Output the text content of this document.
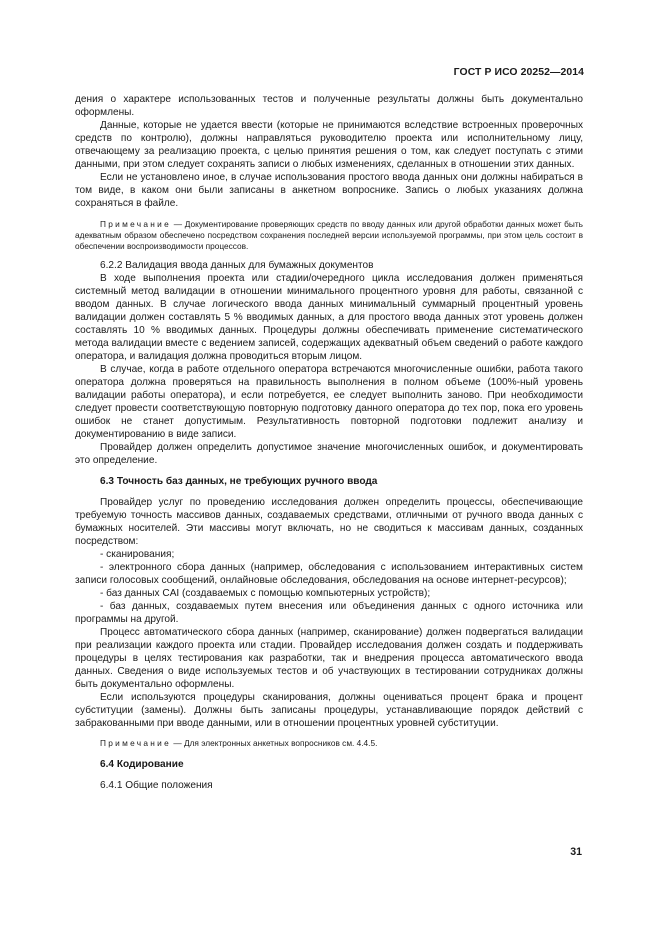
ГОСТ Р ИСО 20252—2014

дения о характере использованных тестов и полученные результаты должны быть документально оформлены.

Данные, которые не удается ввести (которые не принимаются вследствие встроенных проверочных средств по контролю), должны направляться руководителю проекта или исполнительному лицу, отвечающему за реализацию проекта, с целью принятия решения о том, как следует поступать с этими данными, при этом следует сохранять записи о любых изменениях, сделанных в отношении этих данных.

Если не установлено иное, в случае использования простого ввода данных они должны набираться в том виде, в каком они были записаны в анкетном вопроснике. Запись о любых указаниях должна сохраняться в файле.

Примечание — Документирование проверяющих средств по вводу данных или другой обработки данных может быть адекватным образом обеспечено посредством сохранения последней версии используемой программы, при этом цель состоит в обеспечении воспроизводимости процессов.

6.2.2 Валидация ввода данных для бумажных документов

В ходе выполнения проекта или стадии/очередного цикла исследования должен применяться системный метод валидации в отношении минимального процентного уровня для работы, связанной с вводом данных. В случае логического ввода данных минимальный суммарный процентный уровень валидации должен составлять 5 % вводимых данных, а для простого ввода данных этот уровень должен составлять 10 % вводимых данных. Процедуры должны обеспечивать применение систематического метода валидации вместе с ведением записей, содержащих адекватный объем сведений о работе каждого оператора, и валидация должна проводиться вторым лицом.

В случае, когда в работе отдельного оператора встречаются многочисленные ошибки, работа такого оператора должна проверяться на правильность выполнения в полном объеме (100%-ный уровень валидации работы оператора), и если потребуется, ее следует выполнить заново. При необходимости следует провести соответствующую повторную подготовку данного оператора до тех пор, пока его уровень ошибок не станет допустимым. Результативность повторной подготовки подлежит анализу и документированию в виде записи.

Провайдер должен определить допустимое значение многочисленных ошибок, и документировать это определение.

6.3 Точность баз данных, не требующих ручного ввода

Провайдер услуг по проведению исследования должен определить процессы, обеспечивающие требуемую точность массивов данных, создаваемых средствами, отличными от ручного ввода данных с бумажных носителей. Эти массивы могут включать, но не сводиться к массивам данных, созданных посредством:

- сканирования;

- электронного сбора данных (например, обследования с использованием интерактивных систем записи голосовых сообщений, онлайновые обследования, обследования на основе интернет-ресурсов);

- баз данных CAI (создаваемых с помощью компьютерных устройств);

- баз данных, создаваемых путем внесения или объединения данных с одного источника или программы на другой.

Процесс автоматического сбора данных (например, сканирование) должен подвергаться валидации при реализации каждого проекта или стадии. Провайдер исследования должен создать и поддерживать процедуры в целях тестирования как разработки, так и внедрения процесса автоматического ввода данных. Сведения о виде используемых тестов и об участвующих в тестировании сотрудниках должны быть документально оформлены.

Если используются процедуры сканирования, должны оцениваться процент брака и процент субституции (замены). Должны быть записаны процедуры, устанавливающие порядок действий с забракованными при вводе данными, или в отношении процентных уровней субституции.

Примечание — Для электронных анкетных вопросников см. 4.4.5.

6.4 Кодирование

6.4.1 Общие положения

31
